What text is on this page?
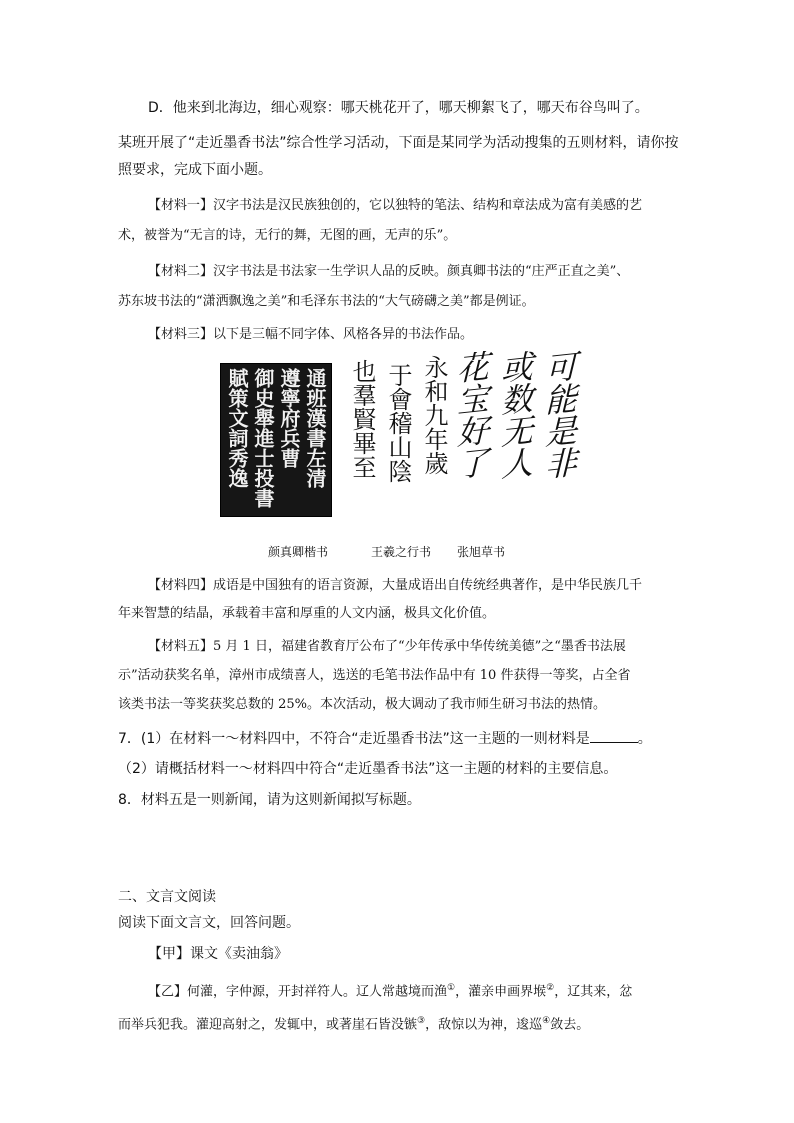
D．他来到北海边，细心观察：哪天桃花开了，哪天柳絮飞了，哪天布谷鸟叫了。
某班开展了“走近墨香书法”综合性学习活动，下面是某同学为活动搜集的五则材料，请你按
照要求，完成下面小题。
【材料一】汉字书法是汉民族独创的，它以独特的笔法、结构和章法成为富有美感的艺
术，被誉为“无言的诗，无行的舞，无图的画，无声的乐”。
【材料二】汉字书法是书法家一生学识人品的反映。颜真卿书法的“庄严正直之美”、
苏东坡书法的“潇洒飘逸之美”和毛泽东书法的“大气磅礴之美”都是例证。
【材料三】以下是三幅不同字体、风格各异的书法作品。
通班漢書左清
遵寧府兵曹
御史舉進士投書
賦策文詞秀逸	永和九年歲
于會稽山陰
也羣賢畢至	可能是非
或数无人
花宝好了
颜真卿楷书	王羲之行书 张旭草书
【材料四】成语是中国独有的语言资源，大量成语出自传统经典著作，是中华民族几千
年来智慧的结晶，承载着丰富和厚重的人文内涵，极具文化价值。
【材料五】5 月 1 日，福建省教育厅公布了“少年传承中华传统美德”之“墨香书法展
示”活动获奖名单，漳州市成绩喜人，选送的毛笔书法作品中有 10 件获得一等奖，占全省
该类书法一等奖获奖总数的 25%。本次活动，极大调动了我市师生研习书法的热情。
7．(1）在材料一～材料四中，不符合“走近墨香书法”这一主题的一则材料是	。
（2）请概括材料一～材料四中符合“走近墨香书法”这一主题的材料的主要信息。
8．材料五是一则新闻，请为这则新闻拟写标题。
二、文言文阅读
阅读下面文言文，回答问题。
【甲】课文《卖油翁》
【乙】何灌，字仲源，开封祥符人。辽人常越境而渔①，灌亲申画界堠②，辽其来，忿
而举兵犯我。灌迎高射之，发辄中，或著崖石皆没镞③，敌惊以为神，逡巡④敛去。
